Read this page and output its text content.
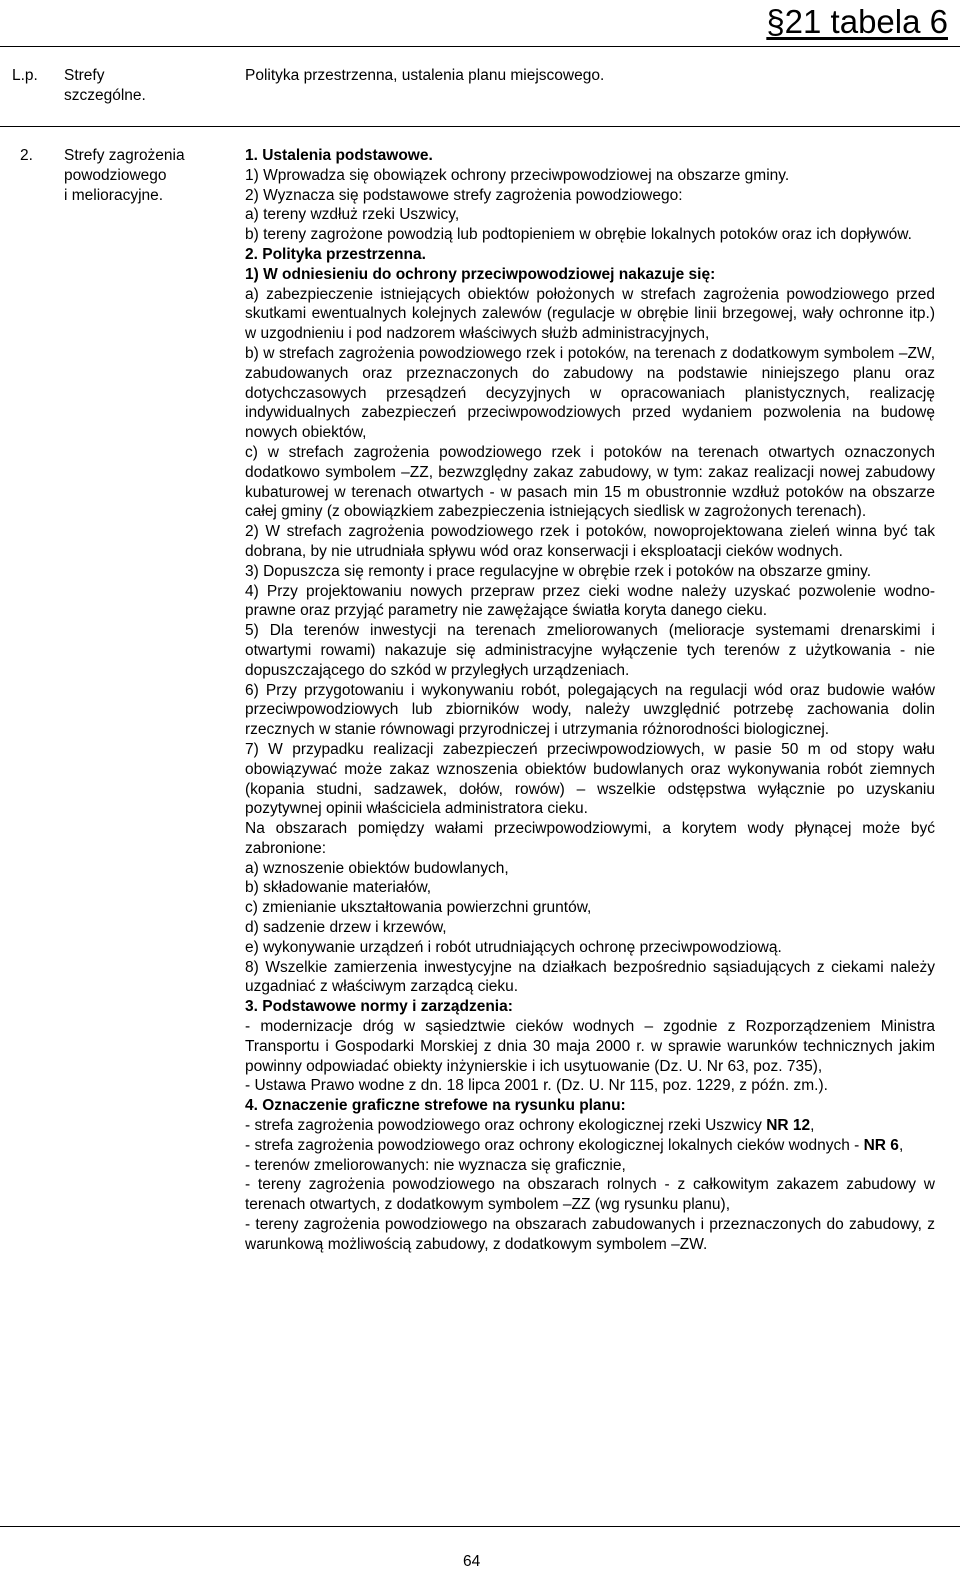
§21 tabela 6
L.p. Strefy
szczególne.
Polityka przestrzenna, ustalenia planu miejscowego.
2. Strefy zagrożenia
powodziowego
i melioracyjne.

1. Ustalenia podstawowe.

1) Wprowadza się obowiązek ochrony przeciwpowodziowej na obszarze gminy.

2) Wyznacza się podstawowe strefy zagrożenia powodziowego:

a) tereny wzdłuż rzeki Uszwicy,

b) tereny zagrożone powodzią lub podtopieniem w obrębie lokalnych potoków oraz ich dopływów.

2. Polityka przestrzenna.

1) W odniesieniu do ochrony przeciwpowodziowej nakazuje się:

a) zabezpieczenie istniejących obiektów położonych w strefach zagrożenia powodziowego przed skutkami ewentualnych kolejnych zalewów (regulacje w obrębie linii brzegowej, wały ochronne itp.) w uzgodnieniu i pod nadzorem właściwych służb administracyjnych,

b) w strefach zagrożenia powodziowego rzek i potoków, na terenach z dodatkowym symbolem –ZW, zabudowanych oraz przeznaczonych do zabudowy na podstawie niniejszego planu oraz dotychczasowych przesądzeń decyzyjnych w opracowaniach planistycznych, realizację indywidualnych zabezpieczeń przeciwpowodziowych przed wydaniem pozwolenia na budowę nowych obiektów,

c) w strefach zagrożenia powodziowego rzek i potoków na terenach otwartych oznaczonych dodatkowo symbolem –ZZ, bezwzględny zakaz zabudowy, w tym: zakaz realizacji nowej zabudowy kubaturowej w terenach otwartych - w pasach min 15 m obustronnie wzdłuż potoków na obszarze całej gminy (z obowiązkiem zabezpieczenia istniejących siedlisk w zagrożonych terenach).

2) W strefach zagrożenia powodziowego rzek i potoków, nowoprojektowana zieleń winna być tak dobrana, by nie utrudniała spływu wód oraz konserwacji i eksploatacji cieków wodnych.

3) Dopuszcza się remonty i prace regulacyjne w obrębie rzek i potoków na obszarze gminy.

4) Przy projektowaniu nowych przepraw przez cieki wodne należy uzyskać pozwolenie wodno-prawne oraz przyjąć parametry nie zawężające światła koryta danego cieku.

5) Dla terenów inwestycji na terenach zmeliorowanych (melioracje systemami drenarskimi i otwartymi rowami) nakazuje się administracyjne wyłączenie tych terenów z użytkowania - nie dopuszczającego do szkód w przyległych urządzeniach.

6) Przy przygotowaniu i wykonywaniu robót, polegających na regulacji wód oraz budowie wałów przeciwpowodziowych lub zbiorników wody, należy uwzględnić potrzebę zachowania dolin rzecznych w stanie równowagi przyrodniczej i utrzymania różnorodności biologicznej.

7) W przypadku realizacji zabezpieczeń przeciwpowodziowych, w pasie 50 m od stopy wału obowiązywać może zakaz wznoszenia obiektów budowlanych oraz wykonywania robót ziemnych (kopania studni, sadzawek, dołów, rowów) – wszelkie odstępstwa wyłącznie po uzyskaniu pozytywnej opinii właściciela administratora cieku.

Na obszarach pomiędzy wałami przeciwpowodziowymi, a korytem wody płynącej może być zabronione:

a) wznoszenie obiektów budowlanych,

b) składowanie materiałów,

c) zmienianie ukształtowania powierzchni gruntów,

d) sadzenie drzew i krzewów,

e) wykonywanie urządzeń i robót utrudniających ochronę przeciwpowodziową.

8) Wszelkie zamierzenia inwestycyjne na działkach bezpośrednio sąsiadujących z ciekami należy uzgadniać z właściwym zarządcą cieku.

3. Podstawowe normy i zarządzenia:

- modernizacje dróg w sąsiedztwie cieków wodnych – zgodnie z Rozporządzeniem Ministra Transportu i Gospodarki Morskiej z dnia 30 maja 2000 r. w sprawie warunków technicznych jakim powinny odpowiadać obiekty inżynierskie i ich usytuowanie (Dz. U. Nr 63, poz. 735),

- Ustawa Prawo wodne z dn. 18 lipca 2001 r. (Dz. U. Nr 115, poz. 1229, z późn. zm.).

4. Oznaczenie graficzne strefowe na rysunku planu:

- strefa zagrożenia powodziowego oraz ochrony ekologicznej rzeki Uszwicy NR 12,

- strefa zagrożenia powodziowego oraz ochrony ekologicznej lokalnych cieków wodnych - NR 6,

- terenów zmeliorowanych: nie wyznacza się graficznie,

- tereny zagrożenia powodziowego na obszarach rolnych - z całkowitym zakazem zabudowy w terenach otwartych, z dodatkowym symbolem –ZZ (wg rysunku planu),

- tereny zagrożenia powodziowego na obszarach zabudowanych i przeznaczonych do zabudowy, z warunkową możliwością zabudowy, z dodatkowym symbolem –ZW.

64
